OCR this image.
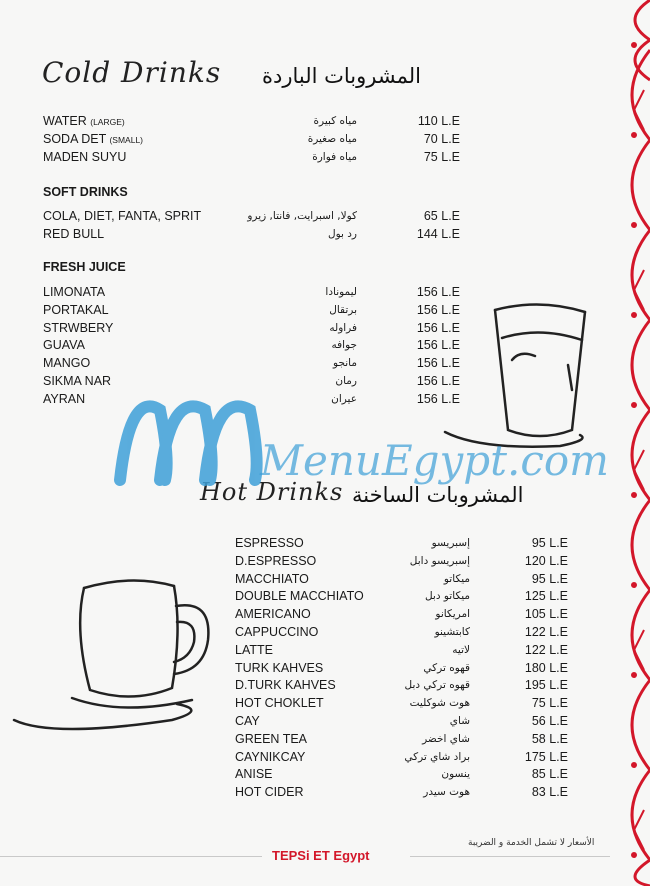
Cold Drinks المشروبات الباردة
WATER (LARGE)	مياه كبيرة	110 L.E
SODA DET (SMALL)	مياه صغيرة	70 L.E
MADEN SUYU	مياه فوارة	75 L.E
SOFT DRINKS
COLA, DIET, FANTA, SPRIT	كولا, اسبرايت, فانتا, زيرو	65 L.E
RED BULL	رد بول	144 L.E
FRESH JUICE
LIMONATA	ليمونادا	156 L.E
PORTAKAL	برتقال	156 L.E
STRWBERY	فراوله	156 L.E
GUAVA	جوافه	156 L.E
MANGO	مانجو	156 L.E
SIKMA NAR	رمان	156 L.E
AYRAN	عيران	156 L.E
Hot Drinks المشروبات الساخنة
ESPRESSO	إسبريسو	95 L.E
D.ESPRESSO	إسبريسو دابل	120 L.E
MACCHIATO	ميكاتو	95 L.E
DOUBLE MACCHIATO	ميكاتو دبل	125 L.E
AMERICANO	امريكانو	105 L.E
CAPPUCCINO	كابتشينو	122 L.E
LATTE	لاتيه	122 L.E
TURK KAHVES	قهوه تركي	180 L.E
D.TURK KAHVES	قهوه تركي دبل	195 L.E
HOT CHOKLET	هوت شوكليت	75 L.E
CAY	شاي	56 L.E
GREEN TEA	شاي اخضر	58 L.E
CAYNIKCAY	براد شاي تركي	175 L.E
ANISE	ينسون	85 L.E
HOT CIDER	هوت سيدر	83 L.E
MenuEgypt.com
TEPSi ET Egypt
الأسعار لا تشمل الخدمة و الضريبة
